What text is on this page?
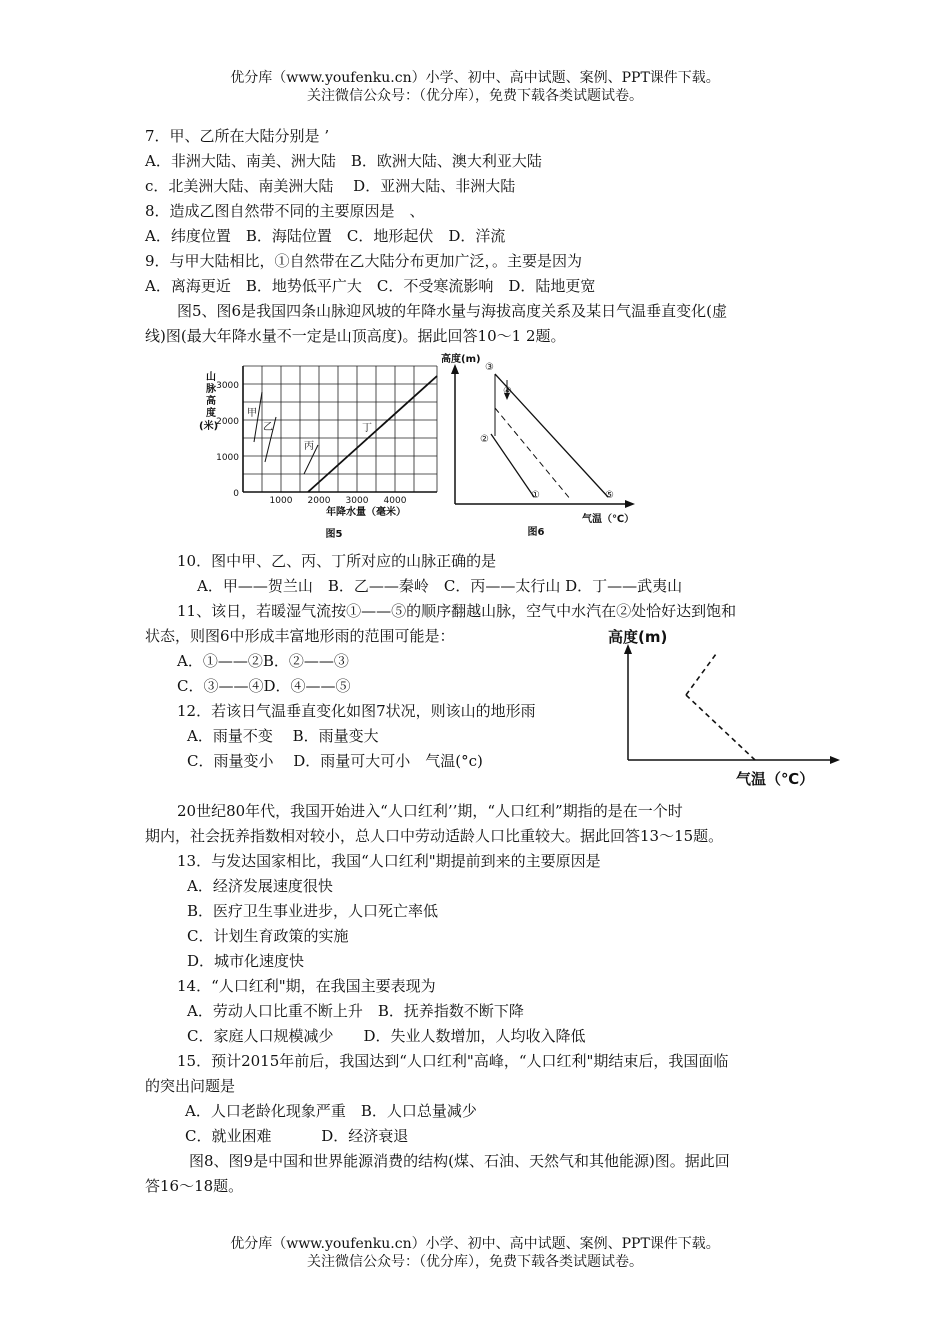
优分库（www.youfenku.cn）小学、初中、高中试题、案例、PPT课件下载。
关注微信公众号：（优分库），免费下载各类试题试卷。
7．甲、乙所在大陆分别是 ’
A．非洲大陆、南美、洲大陆　B．欧洲大陆、澳大利亚大陆
c．北美洲大陆、南美洲大陆　 D．亚洲大陆、非洲大陆
8．造成乙图自然带不同的主要原因是　、
A．纬度位置　B．海陆位置　C．地形起伏　D．洋流
9．与甲大陆相比，①自然带在乙大陆分布更加广泛，。主要是因为
A．离海更近　B．地势低平广大　C．不受寒流影响　D．陆地更宽
图5、图6是我国四条山脉迎风坡的年降水量与海拔高度关系及某日气温垂直变化(虚
线)图(最大年降水量不一定是山顶高度)。据此回答10～1 2题。
山
脉
高
度
(米)
3000
2000
1000
0
1000 2000 3000 4000
年降水量（毫米）
甲
乙
丙
丁
图5
高度(m)
气温（℃）
③
④
②
①	⑤
图6
10．图中甲、乙、丙、丁所对应的山脉正确的是
A．甲——贺兰山　B．乙——秦岭　C．丙——太行山 D．丁——武夷山
11、该日，若暖湿气流按①——⑤的顺序翻越山脉，空气中水汽在②处恰好达到饱和
状态，则图6中形成丰富地形雨的范围可能是：
A．①——②B．②——③
C．③——④D．④——⑤
12．若该日气温垂直变化如图7状况，则该山的地形雨
A．雨量不变　 B．雨量变大
C．雨量变小　 D．雨量可大可小　气温(°c)
高度(m)
气温（℃）
20世纪80年代，我国开始进入“人口红利’’期，“人口红利”期指的是在一个时
期内，社会抚养指数相对较小，总人口中劳动适龄人口比重较大。据此回答13～15题。
13．与发达国家相比，我国“人口红利"期提前到来的主要原因是
A．经济发展速度很快
B．医疗卫生事业进步，人口死亡率低
C．计划生育政策的实施
D．城市化速度快
14．“人口红利"期，在我国主要表现为
A．劳动人口比重不断上升　B．抚养指数不断下降
C．家庭人口规模减少　　D．失业人数增加，人均收入降低
15．预计2015年前后，我国达到“人口红利"高峰，“人口红利"期结束后，我国面临
的突出问题是
A．人口老龄化现象严重　B．人口总量减少
C．就业困难　　　 D．经济衰退
图8、图9是中国和世界能源消费的结构(煤、石油、天然气和其他能源)图。据此回
答16～18题。
优分库（www.youfenku.cn）小学、初中、高中试题、案例、PPT课件下载。
关注微信公众号：（优分库），免费下载各类试题试卷。
